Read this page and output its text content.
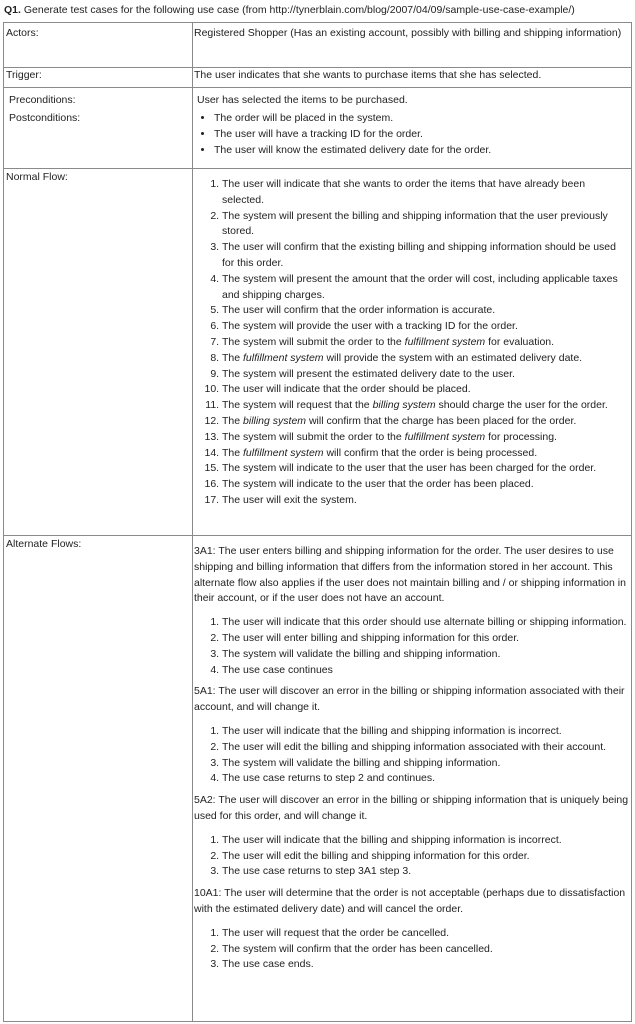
Q1. Generate test cases for the following use case (from http://tynerblain.com/blog/2007/04/09/sample-use-case-example/)
Actors:	Registered Shopper (Has an existing account, possibly with billing and shipping information)
Trigger:	The user indicates that she wants to purchase items that she has selected.
Preconditions:	User has selected the items to be purchased.
Postconditions:
•	The order will be placed in the system.
• The user will have a tracking ID for the order.
• The user will know the estimated delivery date for the order.
Normal Flow:
1. The user will indicate that she wants to order the items that have already been selected.
2. The system will present the billing and shipping information that the user previously stored.
3. The user will confirm that the existing billing and shipping information should be used for this order.
4. The system will present the amount that the order will cost, including applicable taxes and shipping charges.
5. The user will confirm that the order information is accurate.
6. The system will provide the user with a tracking ID for the order.
7. The system will submit the order to the fulfillment system for evaluation.
8. The fulfillment system will provide the system with an estimated delivery date.
9. The system will present the estimated delivery date to the user.
10. The user will indicate that the order should be placed.
11. The system will request that the billing system should charge the user for the order.
12. The billing system will confirm that the charge has been placed for the order.
13. The system will submit the order to the fulfillment system for processing.
14. The fulfillment system will confirm that the order is being processed.
15. The system will indicate to the user that the user has been charged for the order.
16. The system will indicate to the user that the order has been placed.
17. The user will exit the system.
Alternate Flows:
3A1: The user enters billing and shipping information for the order. The user desires to use shipping and billing information that differs from the information stored in her account. This alternate flow also applies if the user does not maintain billing and / or shipping information in their account, or if the user does not have an account.
1. The user will indicate that this order should use alternate billing or shipping information.
2. The user will enter billing and shipping information for this order.
3. The system will validate the billing and shipping information.
4. The use case continues
5A1: The user will discover an error in the billing or shipping information associated with their account, and will change it.
1. The user will indicate that the billing and shipping information is incorrect.
2. The user will edit the billing and shipping information associated with their account.
3. The system will validate the billing and shipping information.
4. The use case returns to step 2 and continues.
5A2: The user will discover an error in the billing or shipping information that is uniquely being used for this order, and will change it.
1. The user will indicate that the billing and shipping information is incorrect.
2. The user will edit the billing and shipping information for this order.
3. The use case returns to step 3A1 step 3.
10A1: The user will determine that the order is not acceptable (perhaps due to dissatisfaction with the estimated delivery date) and will cancel the order.
1. The user will request that the order be cancelled.
2. The system will confirm that the order has been cancelled.
3. The use case ends.
